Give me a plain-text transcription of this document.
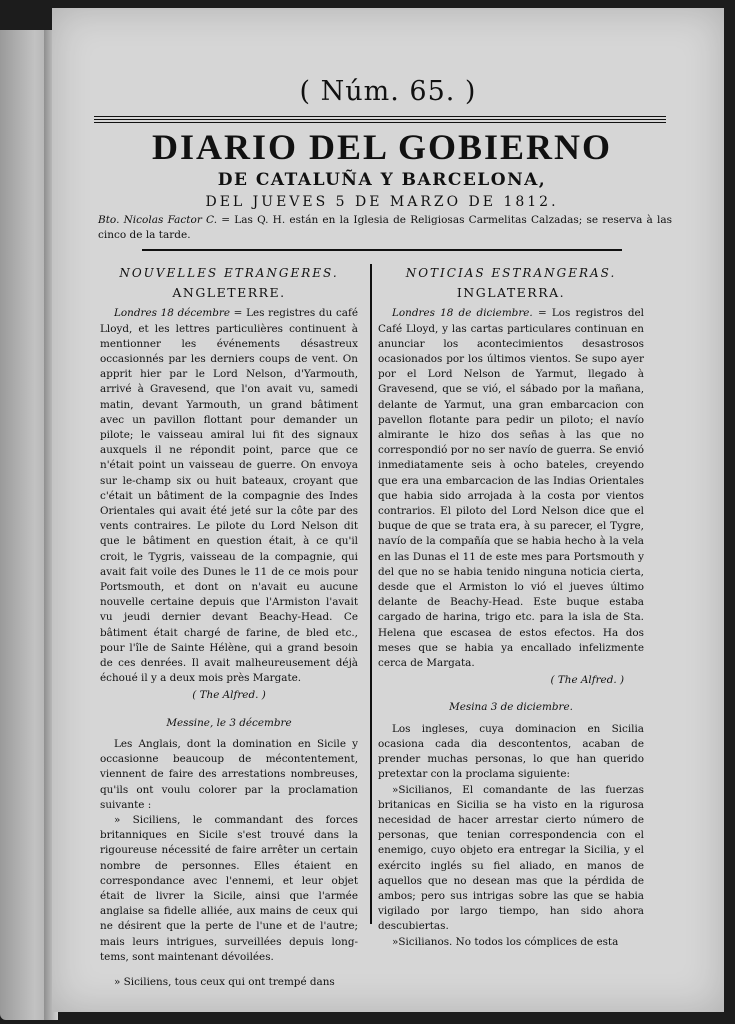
( Núm. 65. )
DIARIO DEL GOBIERNO
DE CATALUÑA Y BARCELONA,
DEL JUEVES 5 DE MARZO DE 1812.
Bto. Nicolas Factor C. = Las Q. H. están en la Iglesia de Religiosas Carmelitas Calzadas; se reserva à las cinco de la tarde.
NOUVELLES ETRANGERES.
ANGLETERRE.

Londres 18 décembre = Les registres du café Lloyd, et les lettres particulières continuent à mentionner les événements désastreux occasionnés par les derniers coups de vent. On apprit hier par le Lord Nelson, d'Yarmouth, arrivé à Gravesend, que l'on avait vu, samedi matin, devant Yarmouth, un grand bâtiment avec un pavillon flottant pour demander un pilote; le vaisseau amiral lui fit des signaux auxquels il ne répondit point, parce que ce n'était point un vaisseau de guerre. On envoya sur le-champ six ou huit bateaux, croyant que c'était un bâtiment de la compagnie des Indes Orientales qui avait été jeté sur la côte par des vents contraires. Le pilote du Lord Nelson dit que le bâtiment en question était, à ce qu'il croit, le Tygris, vaisseau de la compagnie, qui avait fait voile des Dunes le 11 de ce mois pour Portsmouth, et dont on n'avait eu aucune nouvelle certaine depuis que l'Armiston l'avait vu jeudi dernier devant Beachy-Head. Ce bâtiment était chargé de farine, de bled etc., pour l'île de Sainte Hélène, qui a grand besoin de ces denrées. Il avait malheureusement déjà échoué il y a deux mois près Margate.

( The Alfred. )
Messine, le 3 décembre

Les Anglais, dont la domination en Sicile y occasionne beaucoup de mécontentement, viennent de faire des arrestations nombreuses, qu'ils ont voulu colorer par la proclamation suivante :

» Siciliens, le commandant des forces britanniques en Sicile s'est trouvé dans la rigoureuse nécessité de faire arrêter un certain nombre de personnes. Elles étaient en correspondance avec l'ennemi, et leur objet était de livrer la Sicile, ainsi que l'armée anglaise sa fidelle alliée, aux mains de ceux qui ne désirent que la perte de l'une et de l'autre; mais leurs intrigues, surveillées depuis long-tems, sont maintenant dévoilées.

» Siciliens, tous ceux qui ont trempé dans

NOTICIAS ESTRANGERAS.
INGLATERRA.

Londres 18 de diciembre. = Los registros del Café Lloyd, y las cartas particulares continuan en anunciar los acontecimientos desastrosos ocasionados por los últimos vientos. Se supo ayer por el Lord Nelson de Yarmut, llegado à Gravesend, que se vió, el sábado por la mañana, delante de Yarmut, una gran embarcacion con pavellon flotante para pedir un piloto; el navío almirante le hizo dos señas à las que no correspondió por no ser navío de guerra. Se envió inmediatamente seis à ocho bateles, creyendo que era una embarcacion de las Indias Orientales que habia sido arrojada à la costa por vientos contrarios. El piloto del Lord Nelson dice que el buque de que se trata era, à su parecer, el Tygre, navío de la compañía que se habia hecho à la vela en las Dunas el 11 de este mes para Portsmouth y del que no se habia tenido ninguna noticia cierta, desde que el Armiston lo vió el jueves último delante de Beachy-Head. Este buque estaba cargado de harina, trigo etc. para la isla de Sta. Helena que escasea de estos efectos. Ha dos meses que se habia ya encallado infelizmente cerca de Margata.

( The Alfred. )
Mesina 3 de diciembre.

Los ingleses, cuya dominacion en Sicilia ocasiona cada dia descontentos, acaban de prender muchas personas, lo que han querido pretextar con la proclama siguiente:

»Sicilianos, El comandante de las fuerzas britanicas en Sicilia se ha visto en la rigurosa necesidad de hacer arrestar cierto número de personas, que tenian correspondencia con el enemigo, cuyo objeto era entregar la Sicilia, y el exército inglés su fiel aliado, en manos de aquellos que no desean mas que la pérdida de ambos; pero sus intrigas sobre las que se habia vigilado por largo tiempo, han sido ahora descubiertas.

»Sicilianos. No todos los cómplices de esta
